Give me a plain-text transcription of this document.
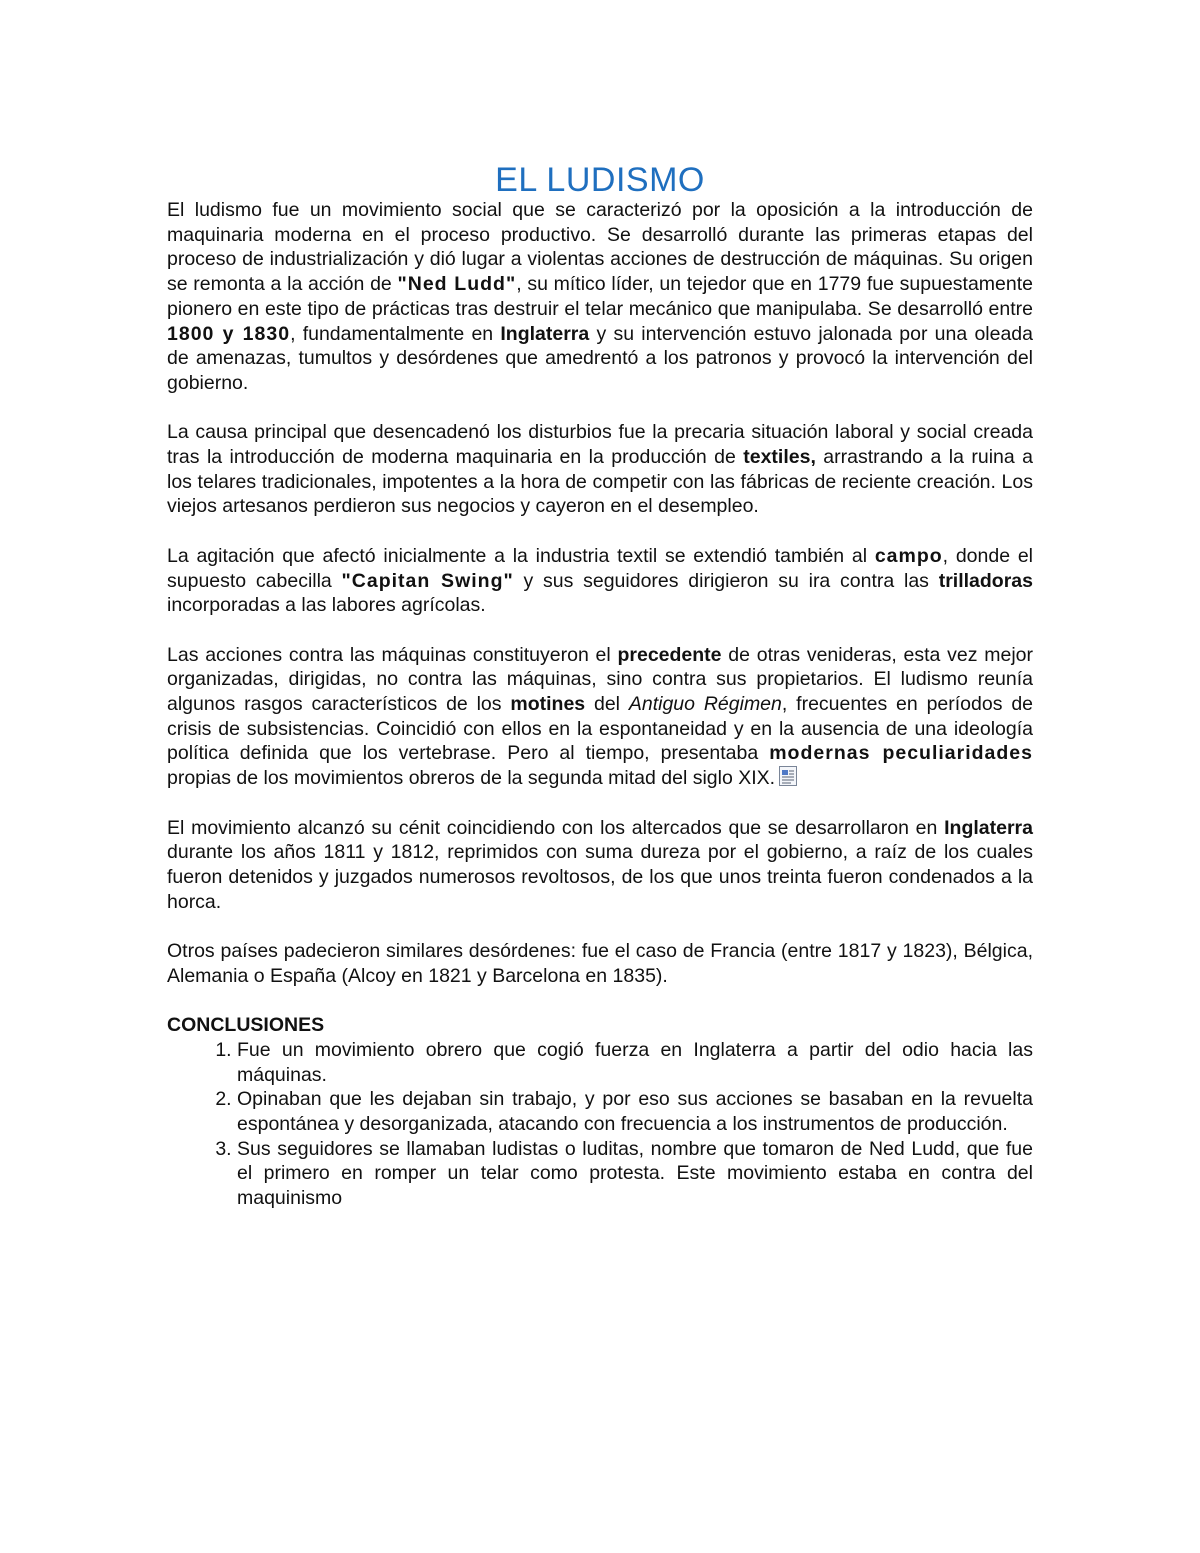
EL LUDISMO

El ludismo fue un movimiento social que se caracterizó por la oposición a la introducción de maquinaria moderna en el proceso productivo. Se desarrolló durante las primeras etapas del proceso de industrialización y dió lugar a violentas acciones de destrucción de máquinas. Su origen se remonta a la acción de "Ned Ludd", su mítico líder, un tejedor que en 1779 fue supuestamente pionero en este tipo de prácticas tras destruir el telar mecánico que manipulaba. Se desarrolló entre 1800 y 1830, fundamentalmente en Inglaterra y su intervención estuvo jalonada por una oleada de amenazas, tumultos y desórdenes que amedrentó a los patronos y provocó la intervención del gobierno.

La causa principal que desencadenó los disturbios fue la precaria situación laboral y social creada tras la introducción de moderna maquinaria en la producción de textiles, arrastrando a la ruina a los telares tradicionales, impotentes a la hora de competir con las fábricas de reciente creación. Los viejos artesanos perdieron sus negocios y cayeron en el desempleo.

La agitación que afectó inicialmente a la industria textil se extendió también al campo, donde el supuesto cabecilla "Capitan Swing" y sus seguidores dirigieron su ira contra las trilladoras incorporadas a las labores agrícolas.

Las acciones contra las máquinas constituyeron el precedente de otras venideras, esta vez mejor organizadas, dirigidas, no contra las máquinas, sino contra sus propietarios. El ludismo reunía algunos rasgos característicos de los motines del Antiguo Régimen, frecuentes en períodos de crisis de subsistencias. Coincidió con ellos en la espontaneidad y en la ausencia de una ideología política definida que los vertebrase. Pero al tiempo, presentaba modernas peculiaridades propias de los movimientos obreros de la segunda mitad del siglo XIX.

El movimiento alcanzó su cénit coincidiendo con los altercados que se desarrollaron en Inglaterra durante los años 1811 y 1812, reprimidos con suma dureza por el gobierno, a raíz de los cuales fueron detenidos y juzgados numerosos revoltosos, de los que unos treinta fueron condenados a la horca.

Otros países padecieron similares desórdenes: fue el caso de Francia (entre 1817 y 1823), Bélgica, Alemania o España (Alcoy en 1821 y Barcelona en 1835).

CONCLUSIONES
1. Fue un movimiento obrero que cogió fuerza en Inglaterra a partir del odio hacia las máquinas.
2. Opinaban que les dejaban sin trabajo, y por eso sus acciones se basaban en la revuelta espontánea y desorganizada, atacando con frecuencia a los instrumentos de producción.
3. Sus seguidores se llamaban ludistas o luditas, nombre que tomaron de Ned Ludd, que fue el primero en romper un telar como protesta. Este movimiento estaba en contra del maquinismo
